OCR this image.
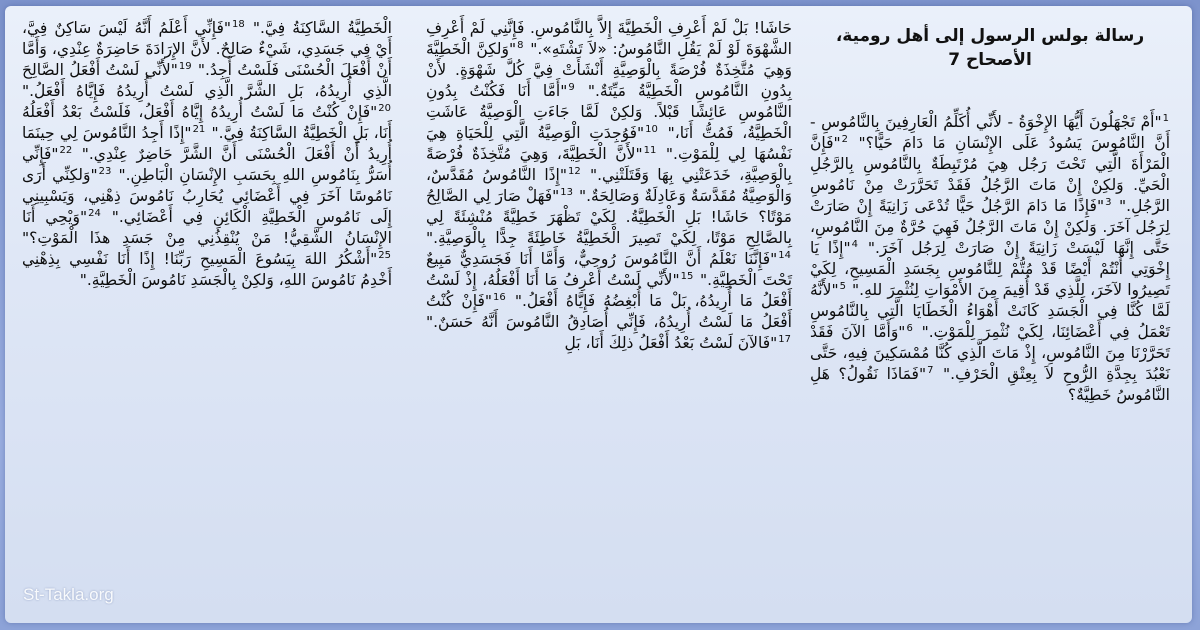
رسالة بولس الرسول إلى أهل رومية،
الأصحاح 7
$^1$"أَمْ تَجْهَلُونَ أَيُّهَا الإِخْوَةُ - لأَنِّي أُكَلِّمُ الْعَارِفِينَ بِالنَّامُوسِ - أَنَّ النَّامُوسَ يَسُودُ عَلَى الإِنْسَانِ مَا دَامَ حَيًّا؟" $^2$"فَإِنَّ الْمَرْأَةَ الَّتِي تَحْتَ رَجُل هِيَ مُرْتَبِطَةٌ بِالنَّامُوسِ بِالرَّجُلِ الْحَيِّ. وَلكِنْ إِنْ مَاتَ الرَّجُلُ فَقَدْ تَحَرَّرَتْ مِنْ نَامُوسِ الرَّجُلِ." $^3$"فَإِذًا مَا دَامَ الرَّجُلُ حَيًّا تُدْعَى زَانِيَةً إِنْ صَارَتْ لِرَجُل آخَرَ. وَلكِنْ إِنْ مَاتَ الرَّجُلُ فَهِيَ حُرَّةٌ مِنَ النَّامُوسِ، حَتَّى إِنَّهَا لَيْسَتْ زَانِيَةً إِنْ صَارَتْ لِرَجُل آخَرَ." $^4$"إِذًا يَا إِخْوَتِي أَنْتُمْ أَيْضًا قَدْ مُتُّمْ لِلنَّامُوسِ بِجَسَدِ الْمَسِيحِ، لِكَيْ تَصِيرُوا لآخَرَ، لِلَّذِي قَدْ أُقِيمَ مِنَ الأَمْوَاتِ لِنُثْمِرَ للهِ." $^5$"لأَنَّهُ لَمَّا كُنَّا فِي الْجَسَدِ كَانَتْ أَهْوَاءُ الْخَطَايَا الَّتِي بِالنَّامُوسِ تَعْمَلُ فِي أَعْضَائِنَا، لِكَيْ نُثْمِرَ لِلْمَوْتِ." $^6$"وَأَمَّا الآنَ فَقَدْ تَحَرَّرْنَا مِنَ النَّامُوسِ، إِذْ مَاتَ الَّذِي كُنَّا مُمْسَكِينَ فِيهِ، حَتَّى نَعْبُدَ بِجِدَّةِ الرُّوحِ لاَ بِعِتْقِ الْحَرْفِ." $^7$"فَمَاذَا نَقُولُ؟ هَلِ النَّامُوسُ خَطِيَّةٌ؟
حَاشَا! بَلْ لَمْ أَعْرِفِ الْخَطِيَّةَ إِلاَّ بِالنَّامُوسِ. فَإِنَّنِي لَمْ أَعْرِفِ الشَّهْوَةَ لَوْ لَمْ يَقُلِ النَّامُوسُ: «لاَ تَشْتَهِ»." $^8$"وَلكِنَّ الْخَطِيَّةَ وَهِيَ مُتَّخِذَةٌ فُرْصَةً بِالْوَصِيَّةِ أَنْشَأَتْ فِيَّ كُلَّ شَهْوَةٍ. لأَنْ بِدُونِ النَّامُوسِ الْخَطِيَّةُ مَيِّتَةٌ." $^9$"أَمَّا أَنَا فَكُنْتُ بِدُونِ النَّامُوسِ عَائِشًا قَبْلاً. وَلكِنْ لَمَّا جَاءَتِ الْوَصِيَّةُ عَاشَتِ الْخَطِيَّةُ، فَمُتُّ أَنَا،" $^{10}$"فَوُجِدَتِ الْوَصِيَّةُ الَّتِي لِلْحَيَاةِ هِيَ نَفْسُهَا لِي لِلْمَوْتِ." $^{11}$"لأَنَّ الْخَطِيَّةَ، وَهِيَ مُتَّخِذَةٌ فُرْصَةً بِالْوَصِيَّةِ، خَدَعَتْنِي بِهَا وَقَتَلَتْنِي." $^{12}$"إِذًا النَّامُوسُ مُقَدَّسٌ، وَالْوَصِيَّةُ مُقَدَّسَةٌ وَعَادِلَةٌ وَصَالِحَةٌ." $^{13}$"فَهَلْ صَارَ لِي الصَّالِحُ مَوْتًا؟ حَاشَا! بَلِ الْخَطِيَّةُ. لِكَيْ تَظْهَرَ خَطِيَّةً مُنْشِئَةً لِي بِالصَّالِحِ مَوْتًا، لِكَيْ تَصِيرَ الْخَطِيَّةُ خَاطِئَةً جِدًّا بِالْوَصِيَّةِ." $^{14}$"فَإِنَّنَا نَعْلَمُ أَنَّ النَّامُوسَ رُوحِيٌّ، وَأَمَّا أَنَا فَجَسَدِيٌّ مَبِيعٌ تَحْتَ الْخَطِيَّةِ." $^{15}$"لأَنِّي لَسْتُ أَعْرِفُ مَا أَنَا أَفْعَلُهُ، إِذْ لَسْتُ أَفْعَلُ مَا أُرِيدُهُ، بَلْ مَا أُبْغِضُهُ فَإِيَّاهُ أَفْعَلُ." $^{16}$"فَإِنْ كُنْتُ أَفْعَلُ مَا لَسْتُ أُرِيدُهُ، فَإِنِّي أُصَادِقُ النَّامُوسَ أَنَّهُ حَسَنٌ." $^{17}$"فَالآنَ لَسْتُ بَعْدُ أَفْعَلُ ذلِكَ أَنَا، بَلِ
الْخَطِيَّةُ السَّاكِنَةُ فِيَّ." $^{18}$"فَإِنِّي أَعْلَمُ أَنَّهُ لَيْسَ سَاكِنٌ فِيَّ، أَيْ فِي جَسَدِي، شَيْءٌ صَالِحٌ. لأَنَّ الإِرَادَةَ حَاضِرَةٌ عِنْدِي، وَأَمَّا أَنْ أَفْعَلَ الْحُسْنَى فَلَسْتُ أَجِدُ." $^{19}$"لأَنِّي لَسْتُ أَفْعَلُ الصَّالِحَ الَّذِي أُرِيدُهُ، بَلِ الشَّرَّ الَّذِي لَسْتُ أُرِيدُهُ فَإِيَّاهُ أَفْعَلُ." $^{20}$"فَإِنْ كُنْتُ مَا لَسْتُ أُرِيدُهُ إِيَّاهُ أَفْعَلُ، فَلَسْتُ بَعْدُ أَفْعَلُهُ أَنَا، بَلِ الْخَطِيَّةُ السَّاكِنَةُ فِيَّ." $^{21}$"إِذًا أَجِدُ النَّامُوسَ لِي حِينَمَا أُرِيدُ أَنْ أَفْعَلَ الْحُسْنَى أَنَّ الشَّرَّ حَاضِرٌ عِنْدِي." $^{22}$"فَإِنِّي أُسَرُّ بِنَامُوسِ اللهِ بِحَسَبِ الإِنْسَانِ الْبَاطِنِ." $^{23}$"وَلكِنِّي أَرَى نَامُوسًا آخَرَ فِي أَعْضَائِي يُحَارِبُ نَامُوسَ ذِهْنِي، وَيَسْبِينِي إِلَى نَامُوسِ الْخَطِيَّةِ الْكَائِنِ فِي أَعْضَائِي." $^{24}$"وَيْحِي أَنَا الإِنْسَانُ الشَّقِيُّ! مَنْ يُنْقِذُنِي مِنْ جَسَدِ هذَا الْمَوْتِ؟" $^{25}$"أَشْكُرُ اللهَ بِيَسُوعَ الْمَسِيحِ رَبِّنَا! إِذًا أَنَا نَفْسِي بِذِهْنِي أَخْدِمُ نَامُوسَ اللهِ، وَلكِنْ بِالْجَسَدِ نَامُوسَ الْخَطِيَّةِ."
St-Takla.org
